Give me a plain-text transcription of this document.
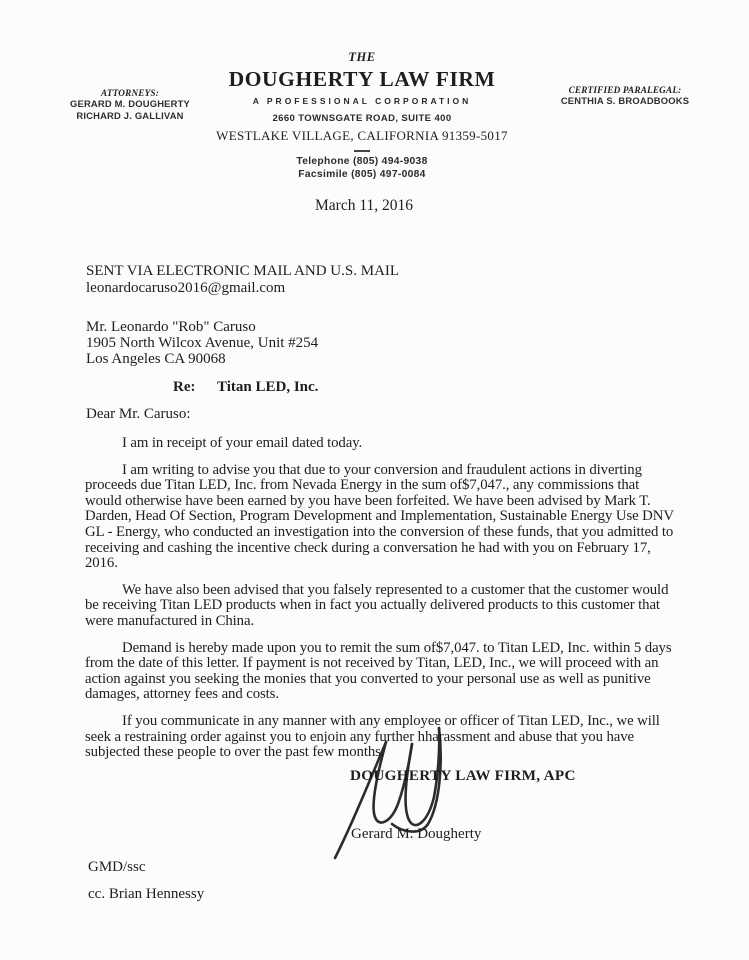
ATTORNEYS:
GERARD M. DOUGHERTY
RICHARD J. GALLIVAN
THE
DOUGHERTY LAW FIRM
A PROFESSIONAL CORPORATION
2660 TOWNSGATE ROAD, SUITE 400
WESTLAKE VILLAGE, CALIFORNIA 91359-5017
Telephone (805) 494-9038
Facsimile (805) 497-0084
CERTIFIED PARALEGAL:
CENTHIA S. BROADBOOKS
March 11, 2016
SENT VIA ELECTRONIC MAIL AND U.S. MAIL
leonardocaruso2016@gmail.com
Mr. Leonardo "Rob" Caruso
1905 North Wilcox Avenue, Unit #254
Los Angeles CA 90068
Re: Titan LED, Inc.
Dear Mr. Caruso:

I am in receipt of your email dated today.

I am writing to advise you that due to your conversion and fraudulent actions in diverting proceeds due Titan LED, Inc. from Nevada Energy in the sum of$7,047., any commissions that would otherwise have been earned by you have been forfeited. We have been advised by Mark T. Darden, Head Of Section, Program Development and Implementation, Sustainable Energy Use DNV GL - Energy, who conducted an investigation into the conversion of these funds, that you admitted to receiving and cashing the incentive check during a conversation he had with you on February 17, 2016.

We have also been advised that you falsely represented to a customer that the customer would be receiving Titan LED products when in fact you actually delivered products to this customer that were manufactured in China.

Demand is hereby made upon you to remit the sum of$7,047. to Titan LED, Inc. within 5 days from the date of this letter. If payment is not received by Titan, LED, Inc., we will proceed with an action against you seeking the monies that you converted to your personal use as well as punitive damages, attorney fees and costs.

If you communicate in any manner with any employee or officer of Titan LED, Inc., we will seek a restraining order against you to enjoin any further hharassment and abuse that you have subjected these people to over the past few months.

DOUGHERTY LAW FIRM, APC
Gerard M. Dougherty
GMD/ssc
cc. Brian Hennessy
